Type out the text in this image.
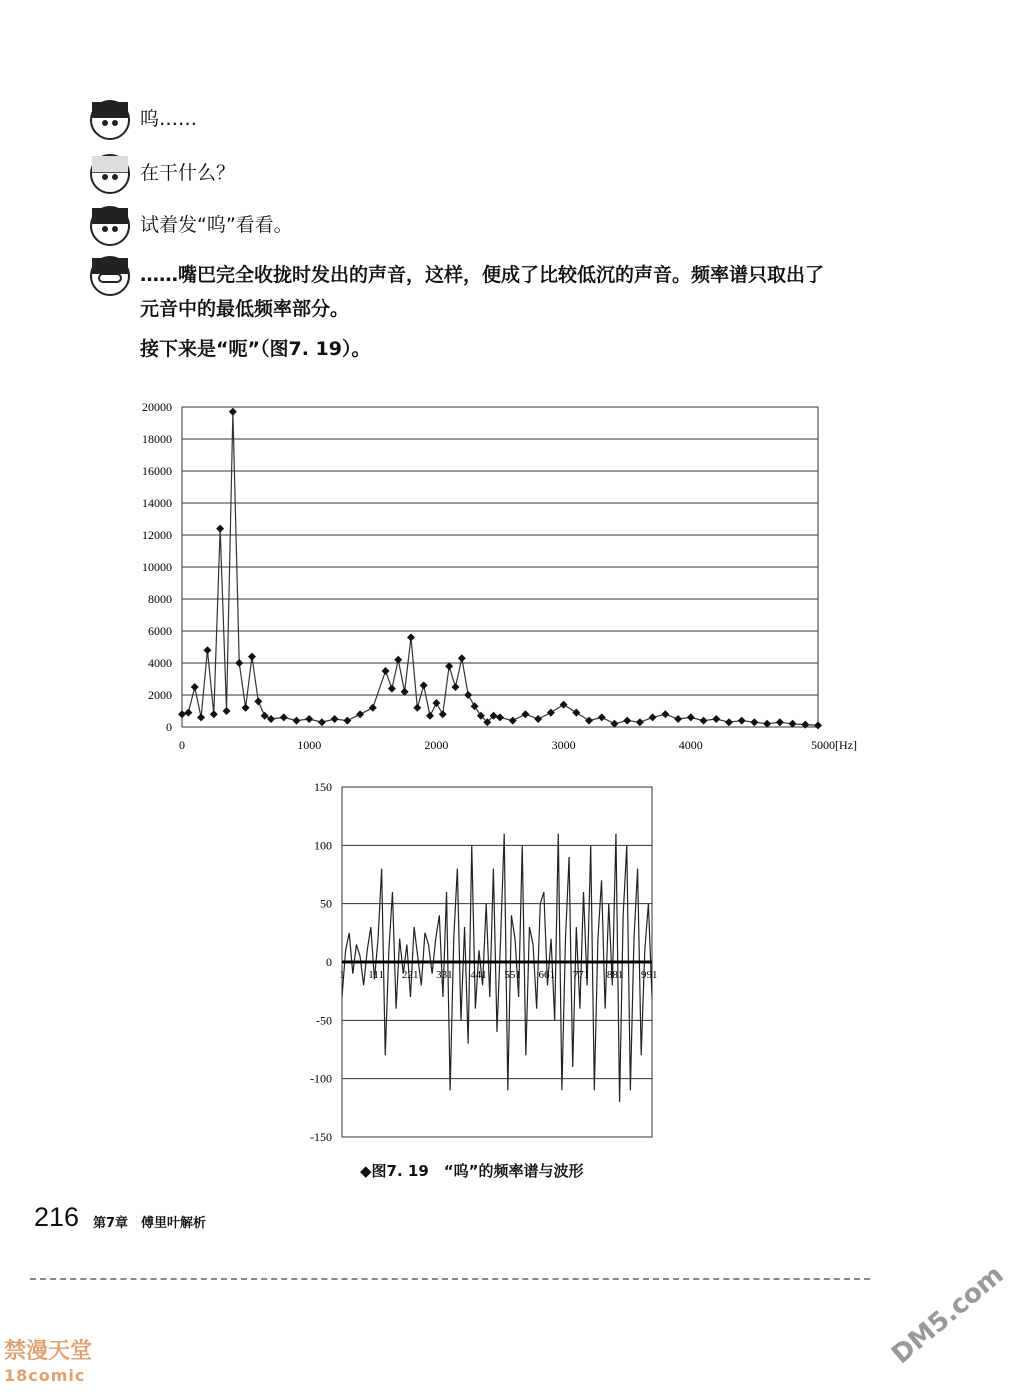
呜……

在干什么？

试着发“呜”看看。

……嘴巴完全收拢时发出的声音，这样，便成了比较低沉的声音。频率谱只取出了

元音中的最低频率部分。

接下来是“呃”（图7. 19）。

20000
18000
16000
14000
12000
10000
8000
6000
4000
2000
0
0	1000	2000	3000	4000	5000[Hz]
150
100
50
0
-50
-100
-150
1 111 221 331 441 551 661 771 881 991
◆图7. 19　“呜”的频率谱与波形
216 第7章　傅里叶解析
禁漫天堂
18comic
DM5.com
